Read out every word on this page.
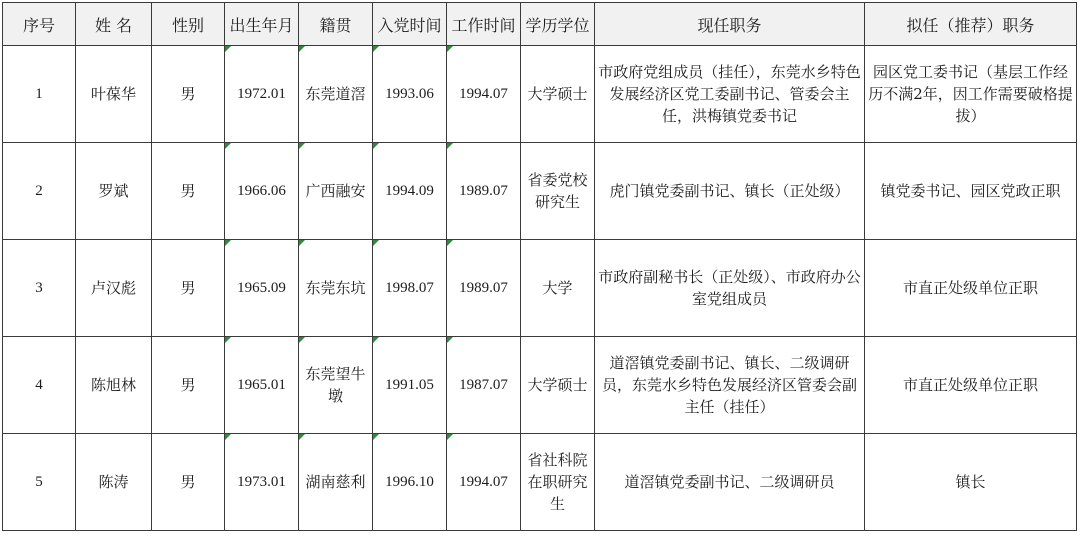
序号	姓 名	性别	出生年月	籍贯	入党时间	工作时间	学历学位	现任职务	拟任（推荐）职务
1	叶葆华	男	1972.01	东莞道滘	1993.06	1994.07	大学硕士	市政府党组成员（挂任），东莞水乡特色发展经济区党工委副书记、管委会主任，洪梅镇党委书记	园区党工委书记（基层工作经历不满2年，因工作需要破格提拔）
2	罗斌	男	1966.06	广西融安	1994.09	1989.07	省委党校研究生	虎门镇党委副书记、镇长（正处级）	镇党委书记、园区党政正职
3	卢汉彪	男	1965.09	东莞东坑	1998.07	1989.07	大学	市政府副秘书长（正处级）、市政府办公室党组成员	市直正处级单位正职
4	陈旭林	男	1965.01	东莞望牛墩	1991.05	1987.07	大学硕士	道滘镇党委副书记、镇长、二级调研员，东莞水乡特色发展经济区管委会副主任（挂任）	市直正处级单位正职
5	陈涛	男	1973.01	湖南慈利	1996.10	1994.07	省社科院在职研究生	道滘镇党委副书记、二级调研员	镇长
